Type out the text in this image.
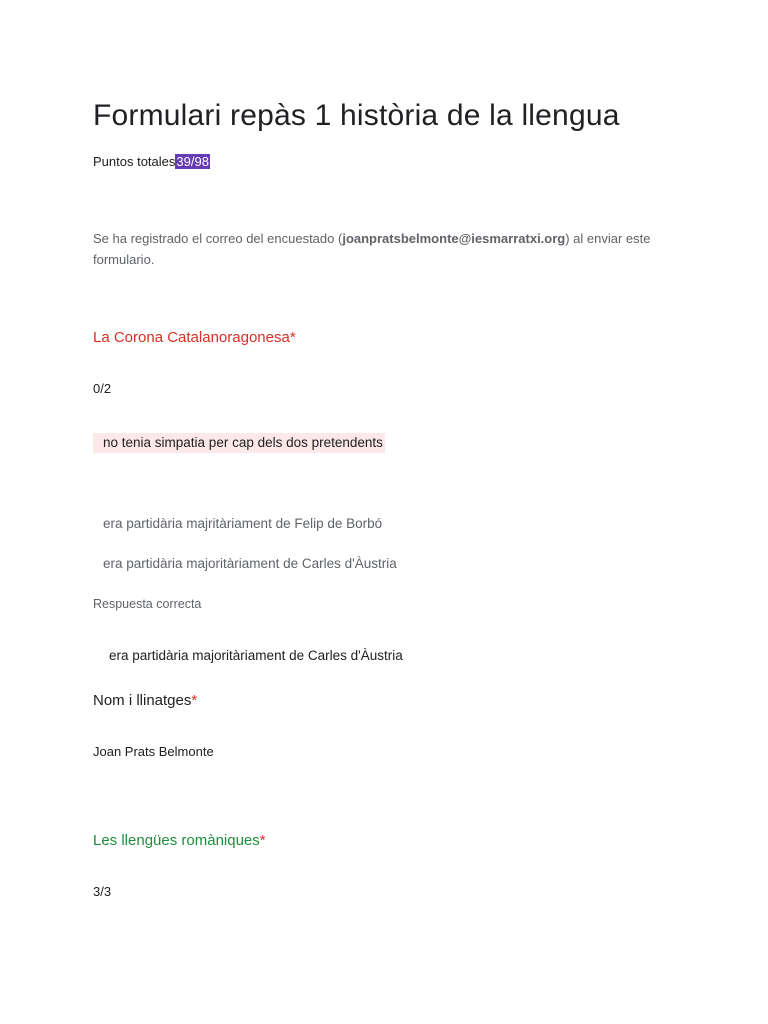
Formulari repàs 1 història de la llengua
Puntos totales39/98
Se ha registrado el correo del encuestado (joanpratsbelmonte@iesmarratxi.org) al enviar este formulario.
La Corona Catalanoragonesa*
0/2
no tenia simpatia per cap dels dos pretendents
era partidària majritàriament de Felip de Borbó
era partidària majoritàriament de Carles d'Àustria
Respuesta correcta
era partidària majoritàriament de Carles d'Àustria
Nom i llinatges*
Joan Prats Belmonte
Les llengües romàniques*
3/3
